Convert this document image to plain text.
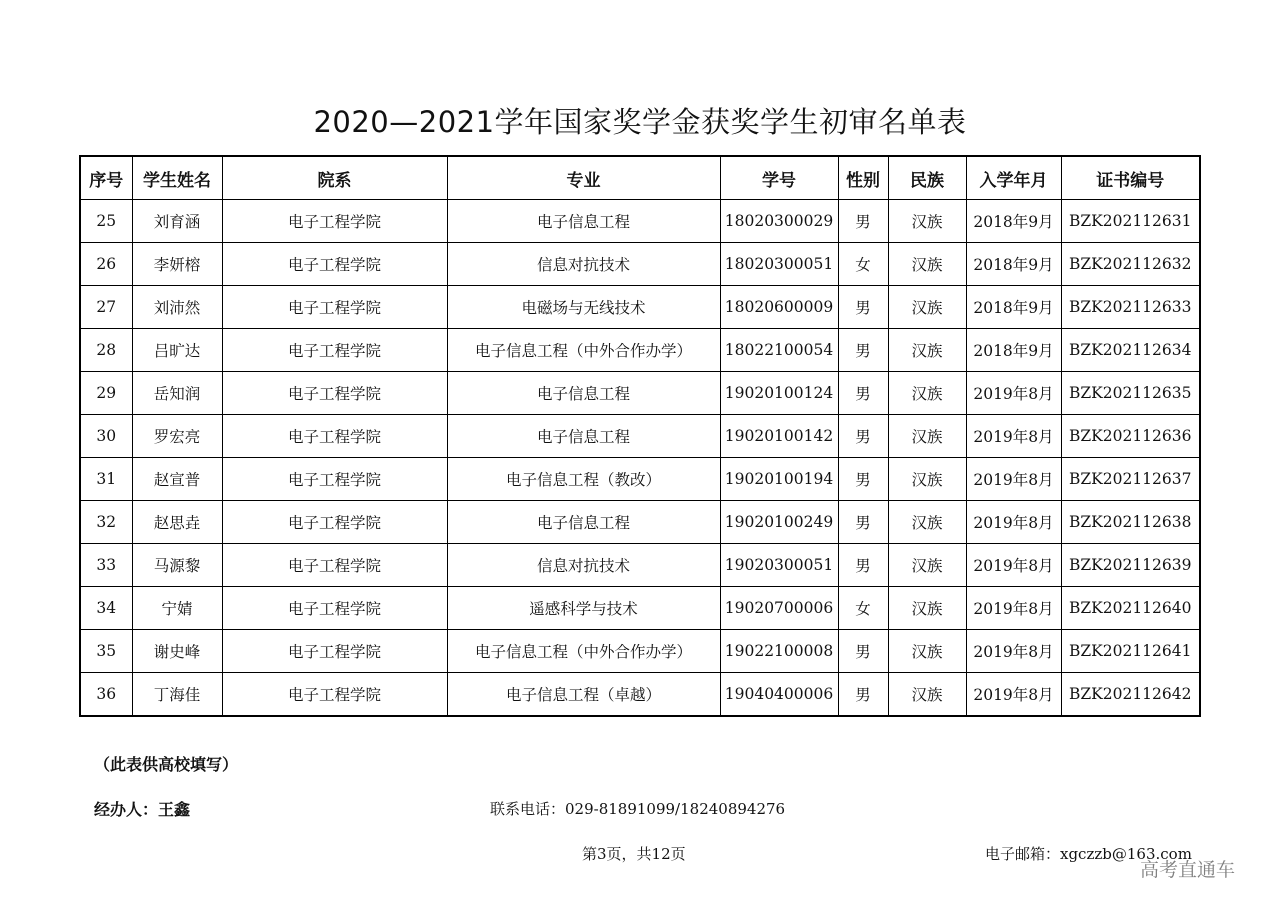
2020—2021学年国家奖学金获奖学生初审名单表
序号	学生姓名	院系	专业	学号	性别	民族	入学年月	证书编号
25	刘育涵	电子工程学院	电子信息工程	18020300029	男	汉族	2018年9月	BZK202112631
26	李妍榕	电子工程学院	信息对抗技术	18020300051	女	汉族	2018年9月	BZK202112632
27	刘沛然	电子工程学院	电磁场与无线技术	18020600009	男	汉族	2018年9月	BZK202112633
28	吕旷达	电子工程学院	电子信息工程（中外合作办学）	18022100054	男	汉族	2018年9月	BZK202112634
29	岳知润	电子工程学院	电子信息工程	19020100124	男	汉族	2019年8月	BZK202112635
30	罗宏亮	电子工程学院	电子信息工程	19020100142	男	汉族	2019年8月	BZK202112636
31	赵宣普	电子工程学院	电子信息工程（教改）	19020100194	男	汉族	2019年8月	BZK202112637
32	赵思垚	电子工程学院	电子信息工程	19020100249	男	汉族	2019年8月	BZK202112638
33	马源黎	电子工程学院	信息对抗技术	19020300051	男	汉族	2019年8月	BZK202112639
34	宁婧	电子工程学院	遥感科学与技术	19020700006	女	汉族	2019年8月	BZK202112640
35	谢史峰	电子工程学院	电子信息工程（中外合作办学）	19022100008	男	汉族	2019年8月	BZK202112641
36	丁海佳	电子工程学院	电子信息工程（卓越）	19040400006	男	汉族	2019年8月	BZK202112642
（此表供高校填写）
经办人：王鑫	联系电话：029-81891099/18240894276
第3页，共12页	电子邮箱：xgczzb@163.com
高考直通车
